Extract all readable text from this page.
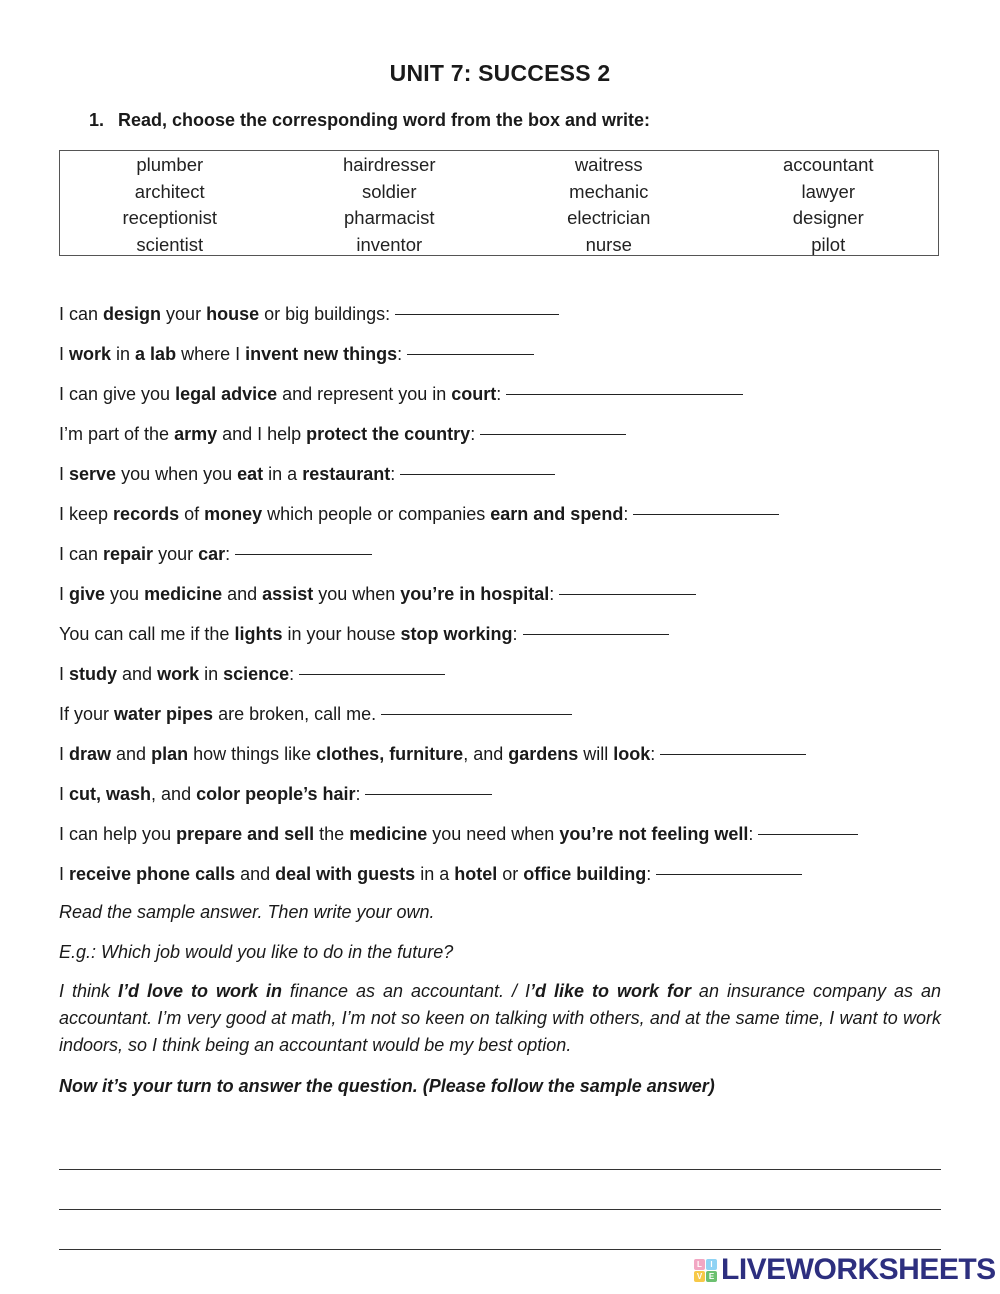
UNIT 7: SUCCESS 2
1. Read, choose the corresponding word from the box and write:
plumber	hairdresser	waitress	accountant
architect	soldier	mechanic	lawyer
receptionist	pharmacist	electrician	designer
scientist	inventor	nurse	pilot
I can design your house or big buildings:
I work in a lab where I invent new things:
I can give you legal advice and represent you in court:
I’m part of the army and I help protect the country:
I serve you when you eat in a restaurant:
I keep records of money which people or companies earn and spend:
I can repair your car:
I give you medicine and assist you when you’re in hospital:
You can call me if the lights in your house stop working:
I study and work in science:
If your water pipes are broken, call me.
I draw and plan how things like clothes, furniture, and gardens will look:
I cut, wash, and color people’s hair:
I can help you prepare and sell the medicine you need when you’re not feeling well:
I receive phone calls and deal with guests in a hotel or office building:
Read the sample answer. Then write your own.
E.g.: Which job would you like to do in the future?
I think I’d love to work in finance as an accountant. / I’d like to work for an insurance company as an accountant. I’m very good at math, I’m not so keen on talking with others, and at the same time, I want to work indoors, so I think being an accountant would be my best option.
Now it’s your turn to answer the question. (Please follow the sample answer)
L	I
V E LIVEWORKSHEETS
